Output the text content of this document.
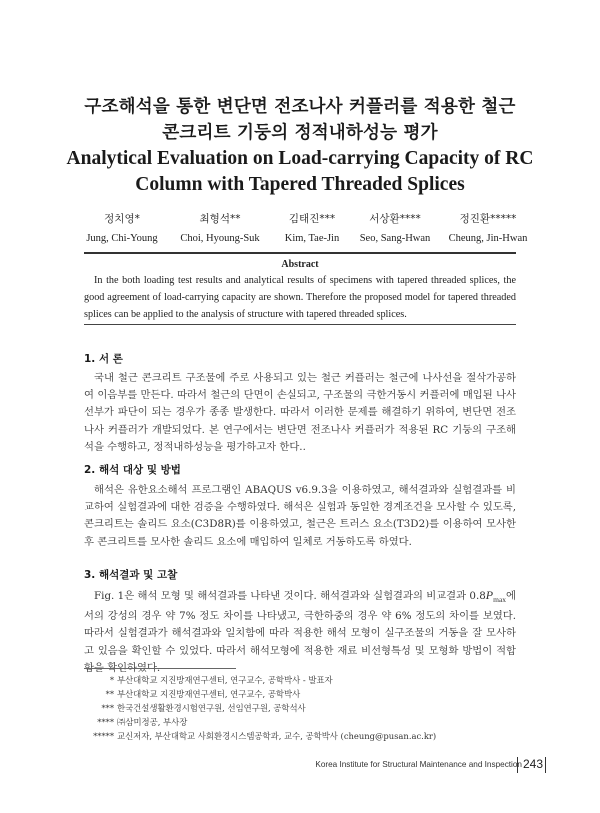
구조해석을 통한 변단면 전조나사 커플러를 적용한 철근
콘크리트 기둥의 정적내하성능 평가
Analytical Evaluation on Load-carrying Capacity of RC
Column with Tapered Threaded Splices
정치영*
Jung, Chi-Young
최형석**
Choi, Hyoung-Suk
김태진***
Kim, Tae-Jin
서상환****
Seo, Sang-Hwan
정진환*****
Cheung, Jin-Hwan
Abstract
In the both loading test results and analytical results of specimens with tapered threaded splices, the good agreement of load-carrying capacity are shown. Therefore the proposed model for tapered threaded splices can be applied to the analysis of structure with tapered threaded splices.
1. 서 론

국내 철근 콘크리트 구조물에 주로 사용되고 있는 철근 커플러는 철근에 나사선을 절삭가공하여 이음부를 만든다. 따라서 철근의 단면이 손실되고, 구조물의 극한거동시 커플러에 매입된 나사선부가 파단이 되는 경우가 종종 발생한다. 따라서 이러한 문제를 해결하기 위하여, 변단면 전조나사 커플러가 개발되었다. 본 연구에서는 변단면 전조나사 커플러가 적용된 RC 기둥의 구조해석을 수행하고, 정적내하성능을 평가하고자 한다..

2. 해석 대상 및 방법

해석은 유한요소해석 프로그램인 ABAQUS v6.9.3을 이용하였고, 해석결과와 실험결과를 비교하여 실험결과에 대한 검증을 수행하였다. 해석은 실험과 동일한 경계조건을 모사할 수 있도록, 콘크리트는 솔리드 요소(C3D8R)를 이용하였고, 철근은 트러스 요소(T3D2)를 이용하여 모사한 후 콘크리트를 모사한 솔리드 요소에 매입하여 일체로 거동하도록 하였다.

3. 해석결과 및 고찰

Fig. 1은 해석 모형 및 해석결과를 나타낸 것이다. 해석결과와 실험결과의 비교결과 $0.8P_{max}$에서의 강성의 경우 약 7% 정도 차이를 나타냈고, 극한하중의 경우 약 6% 정도의 차이를 보였다. 따라서 실험결과가 해석결과와 일치함에 따라 적용한 해석 모형이 실구조물의 거동을 잘 모사하고 있음을 확인할 수 있었다. 따라서 해석모형에 적용한 재료 비선형특성 및 모형화 방법이 적합함을 확인하였다.

* 부산대학교 지진방재연구센터, 연구교수, 공학박사 - 발표자
** 부산대학교 지진방재연구센터, 연구교수, 공학박사
*** 한국건설생활환경시험연구원, 선임연구원, 공학석사
**** ㈜삼미정공, 부사장
***** 교신저자, 부산대학교 사회환경시스템공학과, 교수, 공학박사 (cheung@pusan.ac.kr)
Korea Institute for Structural Maintenance and Inspection 243
